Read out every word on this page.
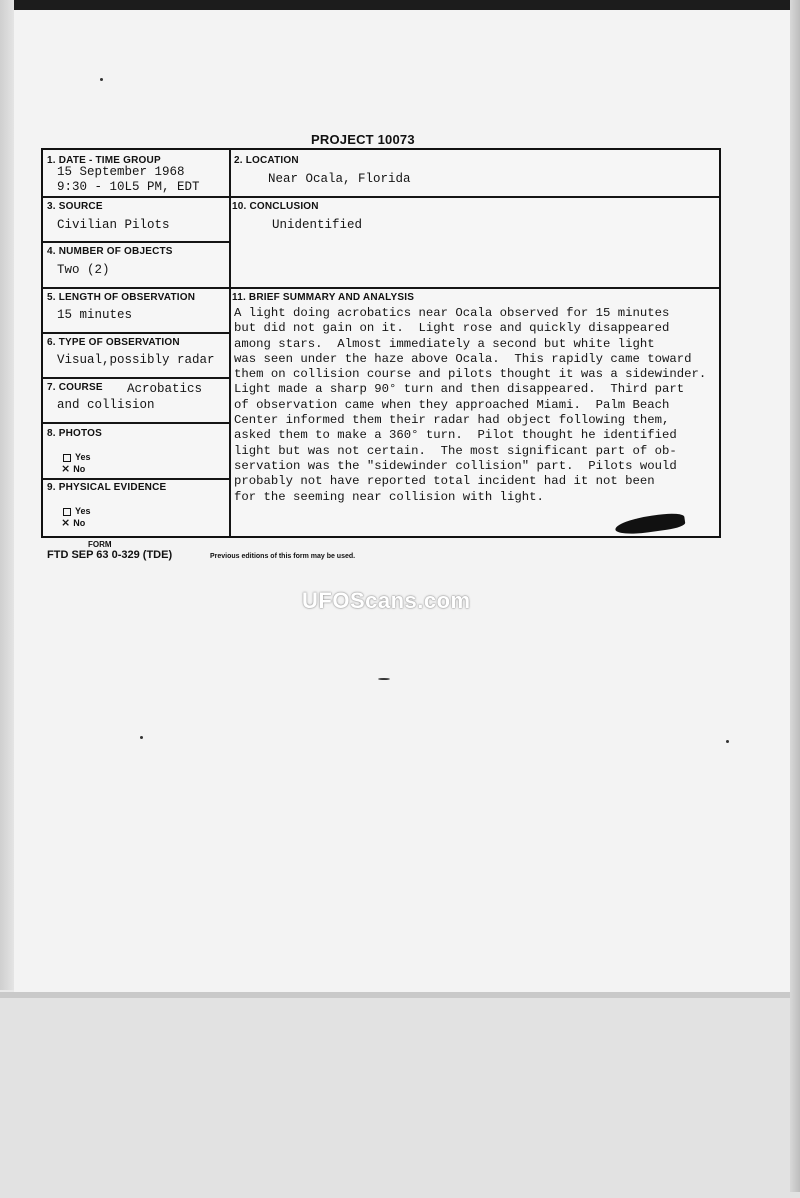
PROJECT 10073
1. DATE - TIME GROUP
15 September 1968
9:30 - 10L5 PM, EDT
2. LOCATION
Near Ocala, Florida
3. SOURCE
Civilian Pilots
10. CONCLUSION
Unidentified
4. NUMBER OF OBJECTS
Two (2)
5. LENGTH OF OBSERVATION
15 minutes
11. BRIEF SUMMARY AND ANALYSIS
A light doing acrobatics near Ocala observed for 15 minutes
but did not gain on it.  Light rose and quickly disappeared
among stars.  Almost immediately a second but white light
was seen under the haze above Ocala.  This rapidly came toward
them on collision course and pilots thought it was a sidewinder.
Light made a sharp 90° turn and then disappeared.  Third part
of observation came when they approached Miami.  Palm Beach
Center informed them their radar had object following them,
asked them to make a 360° turn.  Pilot thought he identified
light but was not certain.  The most significant part of ob-
servation was the "sidewinder collision" part.  Pilots would
probably not have reported total incident had it not been
for the seeming near collision with light.
6. TYPE OF OBSERVATION
Visual,possibly radar
7. COURSE Acrobatics
and collision
8. PHOTOS
Yes
⨯ No
9. PHYSICAL EVIDENCE
Yes
⨯ No
FORM
FTD SEP 63 0-329 (TDE)	Previous editions of this form may be used.
UFOScans.com
